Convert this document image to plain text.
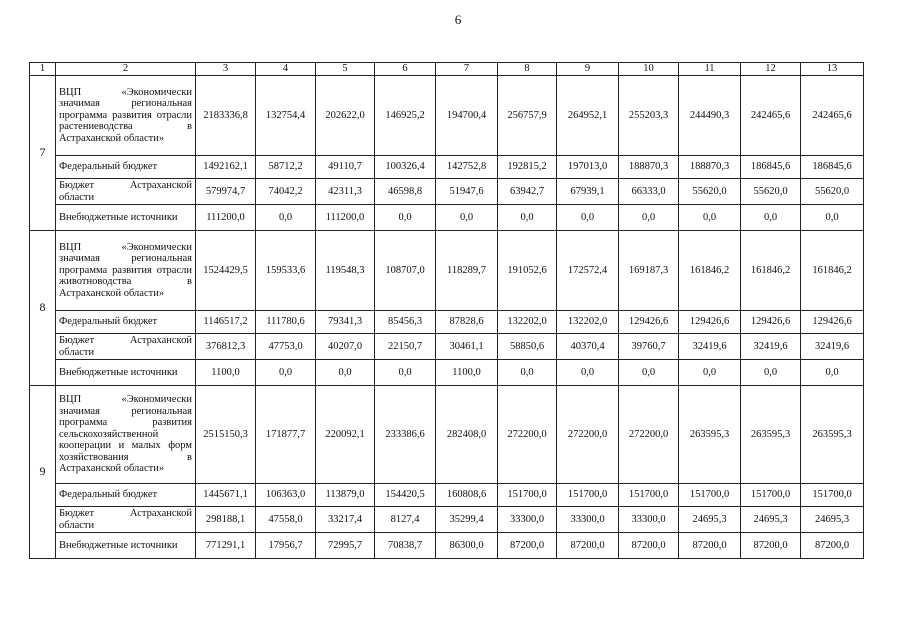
6
1	2	3	4	5	6	7	8	9	10	11	12	13
7	ВЦП «Экономически значимая региональная программа развития отрасли растениеводства в Астраханской области»	2183336,8	132754,4	202622,0	146925,2	194700,4	256757,9	264952,1	255203,3	244490,3	242465,6	242465,6
	Федеральный бюджет	1492162,1	58712,2	49110,7	100326,4	142752,8	192815,2	197013,0	188870,3	188870,3	186845,6	186845,6
	Бюджет Астраханской области	579974,7	74042,2	42311,3	46598,8	51947,6	63942,7	67939,1	66333,0	55620,0	55620,0	55620,0
	Внебюджетные источники	111200,0	0,0	111200,0	0,0	0,0	0,0	0,0	0,0	0,0	0,0	0,0
8	ВЦП «Экономически значимая региональная программа развития отрасли животноводства в Астраханской области»	1524429,5	159533,6	119548,3	108707,0	118289,7	191052,6	172572,4	169187,3	161846,2	161846,2	161846,2
	Федеральный бюджет	1146517,2	111780,6	79341,3	85456,3	87828,6	132202,0	132202,0	129426,6	129426,6	129426,6	129426,6
	Бюджет Астраханской области	376812,3	47753,0	40207,0	22150,7	30461,1	58850,6	40370,4	39760,7	32419,6	32419,6	32419,6
	Внебюджетные источники	1100,0	0,0	0,0	0,0	1100,0	0,0	0,0	0,0	0,0	0,0	0,0
9	ВЦП «Экономически значимая региональная программа развития сельскохозяйственной кооперации и малых форм хозяйствования в Астраханской области»	2515150,3	171877,7	220092,1	233386,6	282408,0	272200,0	272200,0	272200,0	263595,3	263595,3	263595,3
	Федеральный бюджет	1445671,1	106363,0	113879,0	154420,5	160808,6	151700,0	151700,0	151700,0	151700,0	151700,0	151700,0
	Бюджет Астраханской области	298188,1	47558,0	33217,4	8127,4	35299,4	33300,0	33300,0	33300,0	24695,3	24695,3	24695,3
	Внебюджетные источники	771291,1	17956,7	72995,7	70838,7	86300,0	87200,0	87200,0	87200,0	87200,0	87200,0	87200,0
